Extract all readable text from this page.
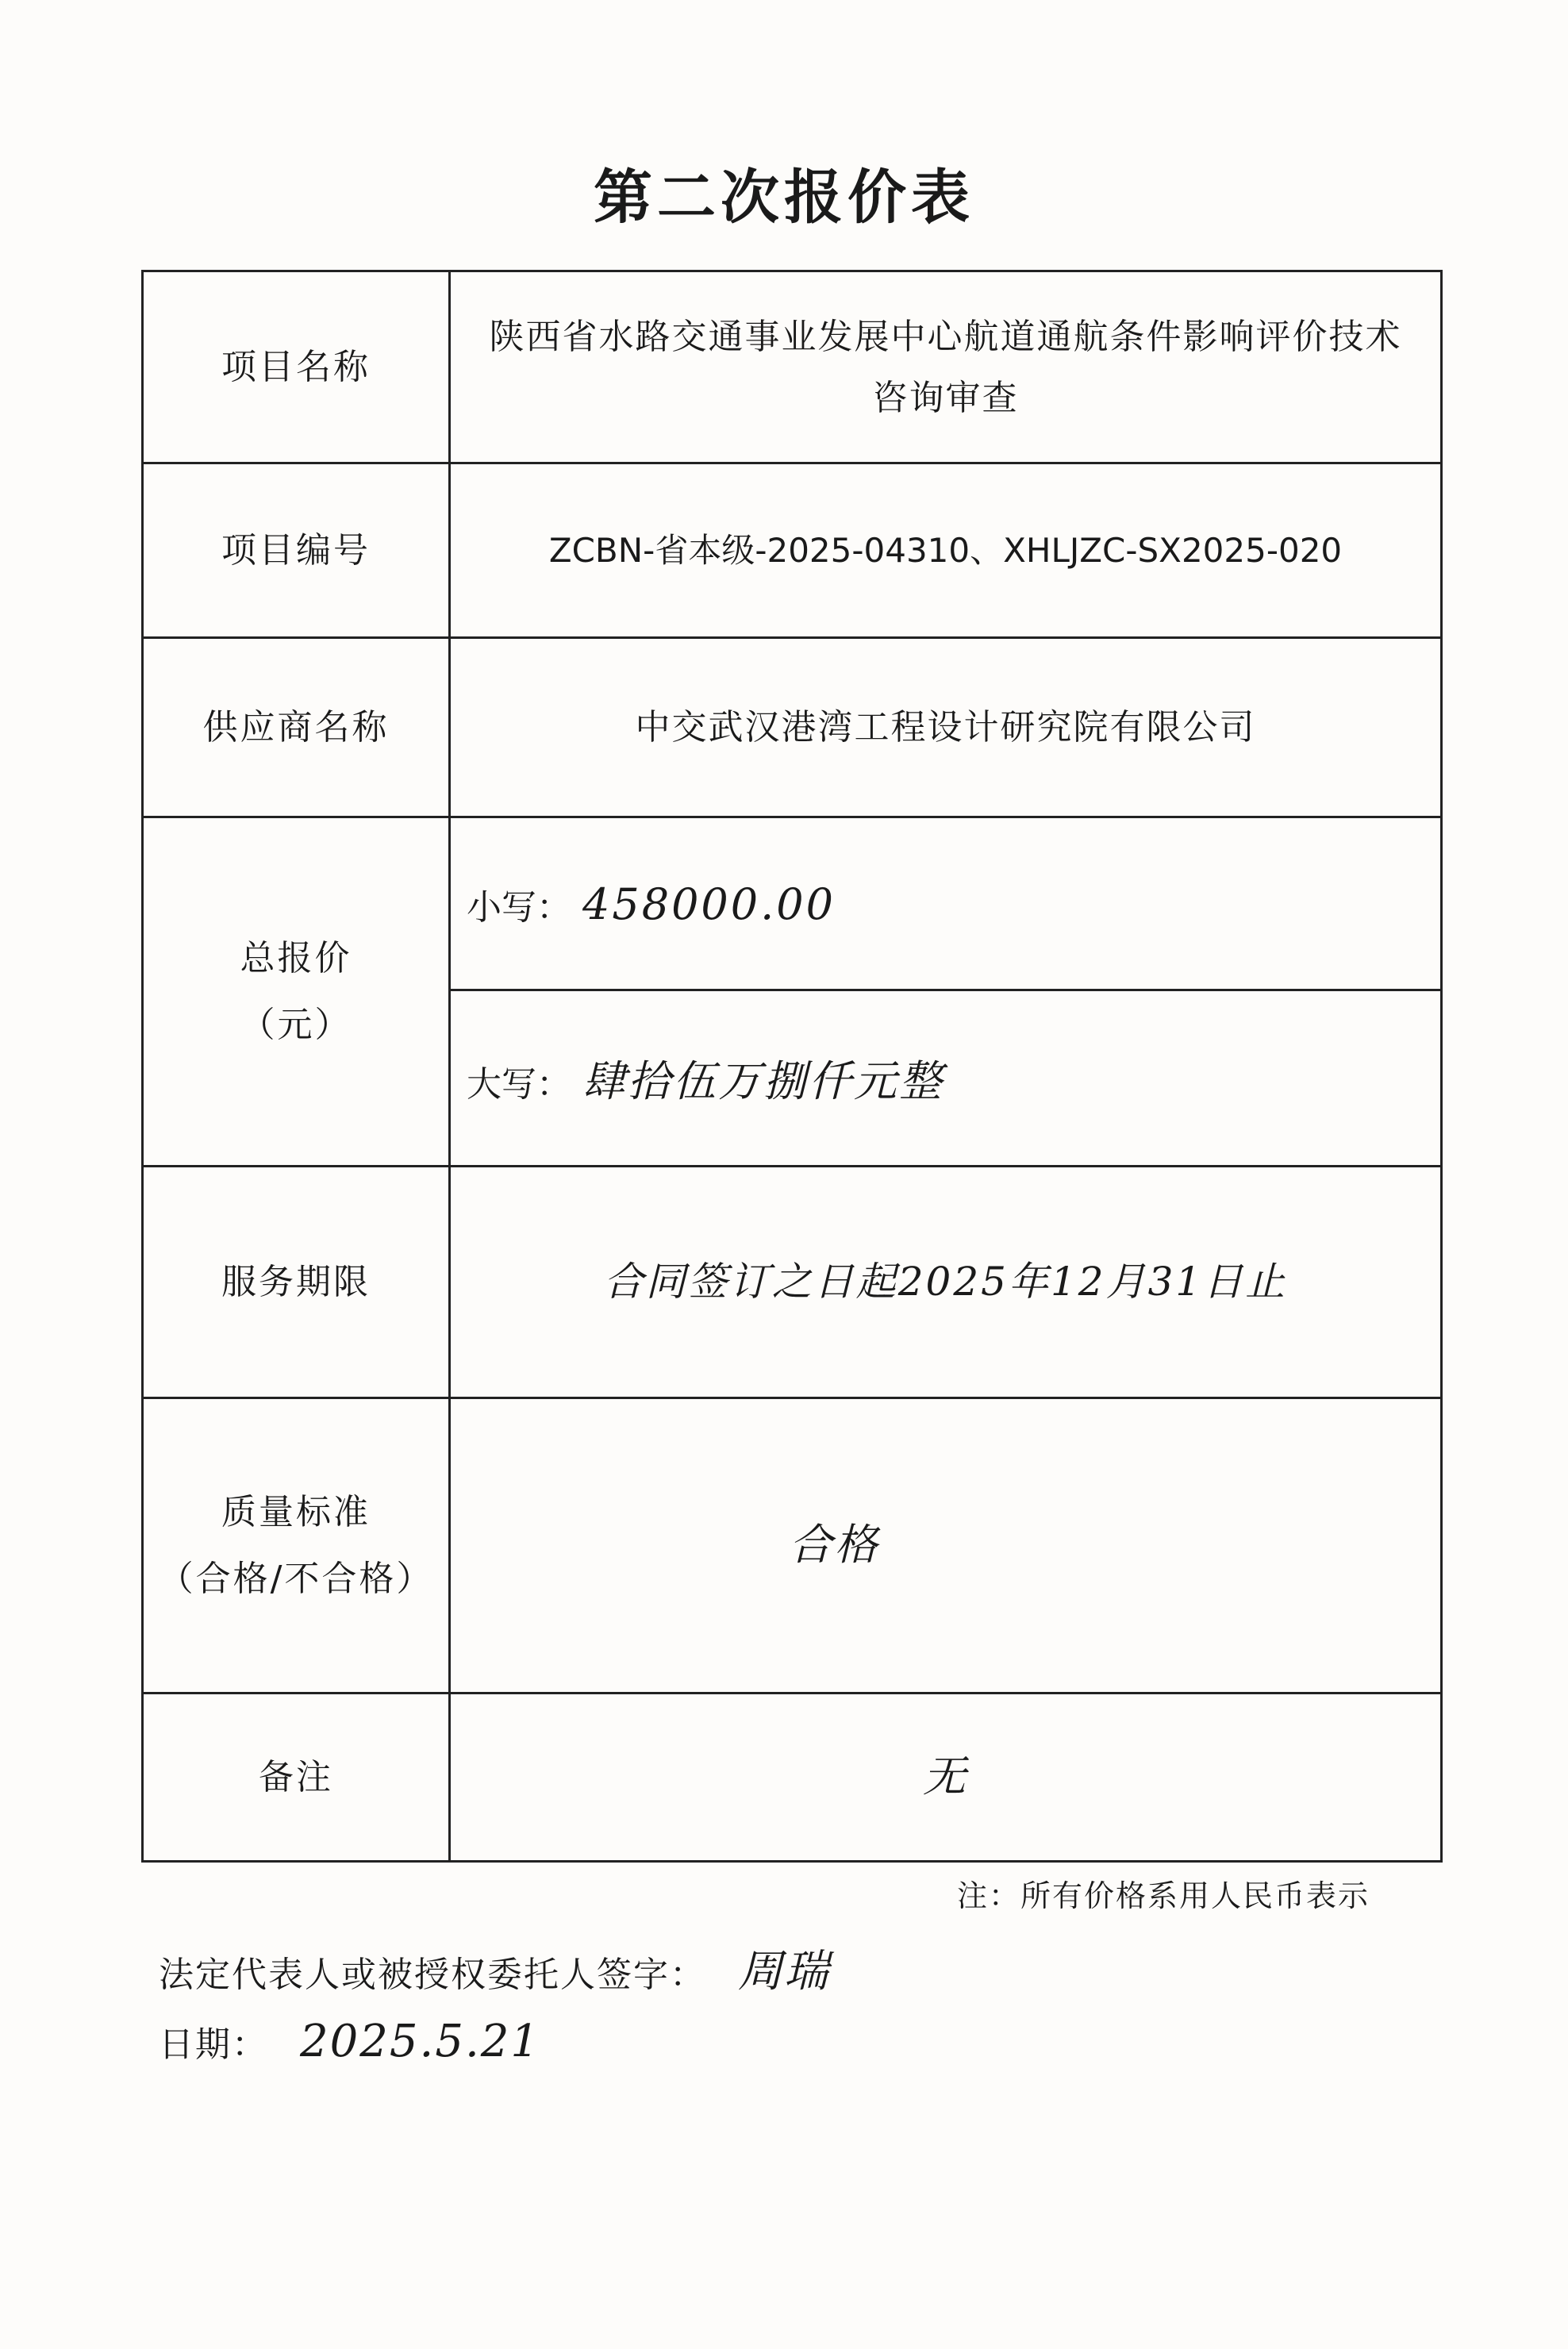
第二次报价表
项目名称	陕西省水路交通事业发展中心航道通航条件影响评价技术咨询审查
项目编号	ZCBN-省本级-2025-04310、XHLJZC-SX2025-020
供应商名称	中交武汉港湾工程设计研究院有限公司

总报价
（元）	小写： 458000.00
	大写： 肆拾伍万捌仟元整
服务期限	合同签订之日起2025年12月31日止

质量标准
（合格/不合格）	合格
备注	无
注：所有价格系用人民币表示
法定代表人或被授权委托人签字： 周瑞
日期： 2025.5.21
